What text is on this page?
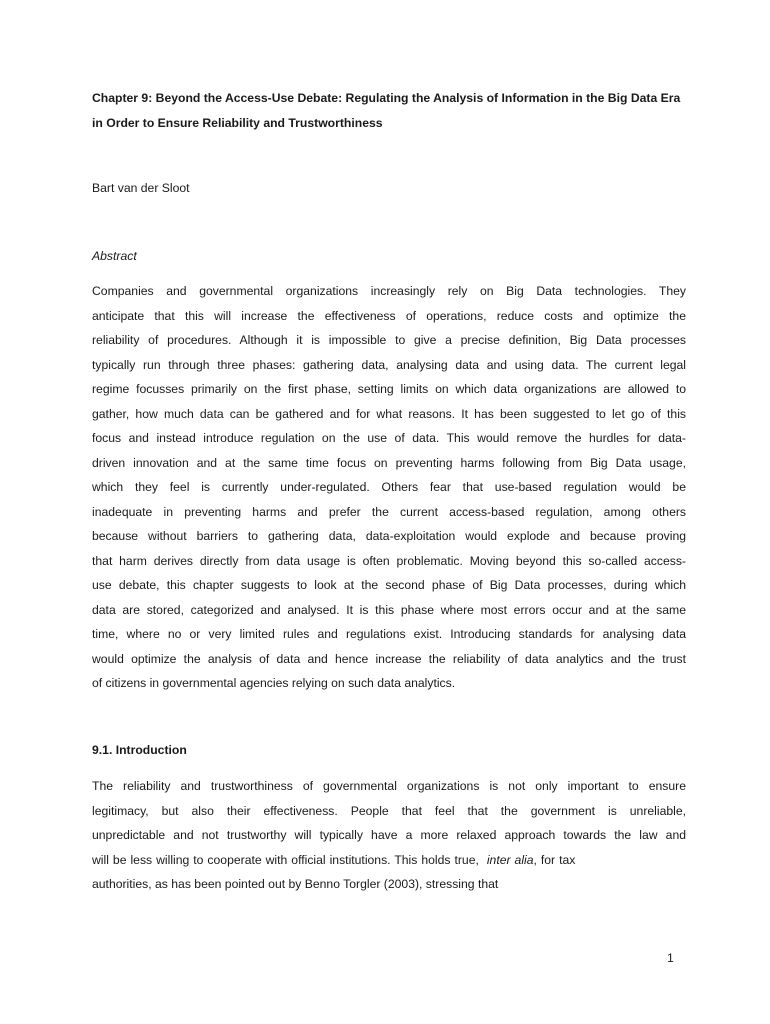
Chapter 9: Beyond the Access-Use Debate: Regulating the Analysis of Information in the Big Data Era in Order to Ensure Reliability and Trustworthiness

Bart van der Sloot

Abstract

Companies and governmental organizations increasingly rely on Big Data technologies. They
anticipate that this will increase the effectiveness of operations, reduce costs and optimize the
reliability of procedures. Although it is impossible to give a precise definition, Big Data processes
typically run through three phases: gathering data, analysing data and using data. The current legal
regime focusses primarily on the first phase, setting limits on which data organizations are allowed to
gather, how much data can be gathered and for what reasons. It has been suggested to let go of this
focus and instead introduce regulation on the use of data. This would remove the hurdles for data-
driven innovation and at the same time focus on preventing harms following from Big Data usage,
which they feel is currently under-regulated. Others fear that use-based regulation would be
inadequate in preventing harms and prefer the current access-based regulation, among others
because without barriers to gathering data, data-exploitation would explode and because proving
that harm derives directly from data usage is often problematic. Moving beyond this so-called access-
use debate, this chapter suggests to look at the second phase of Big Data processes, during which
data are stored, categorized and analysed. It is this phase where most errors occur and at the same
time, where no or very limited rules and regulations exist. Introducing standards for analysing data
would optimize the analysis of data and hence increase the reliability of data analytics and the trust
of citizens in governmental agencies relying on such data analytics.

9.1. Introduction

The reliability and trustworthiness of governmental organizations is not only important to ensure
legitimacy, but also their effectiveness. People that feel that the government is unreliable,
unpredictable and not trustworthy will typically have a more relaxed approach towards the law and
will be less willing to cooperate with official institutions. This holds true, inter alia, for tax
authorities, as has been pointed out by Benno Torgler (2003), stressing that
1
